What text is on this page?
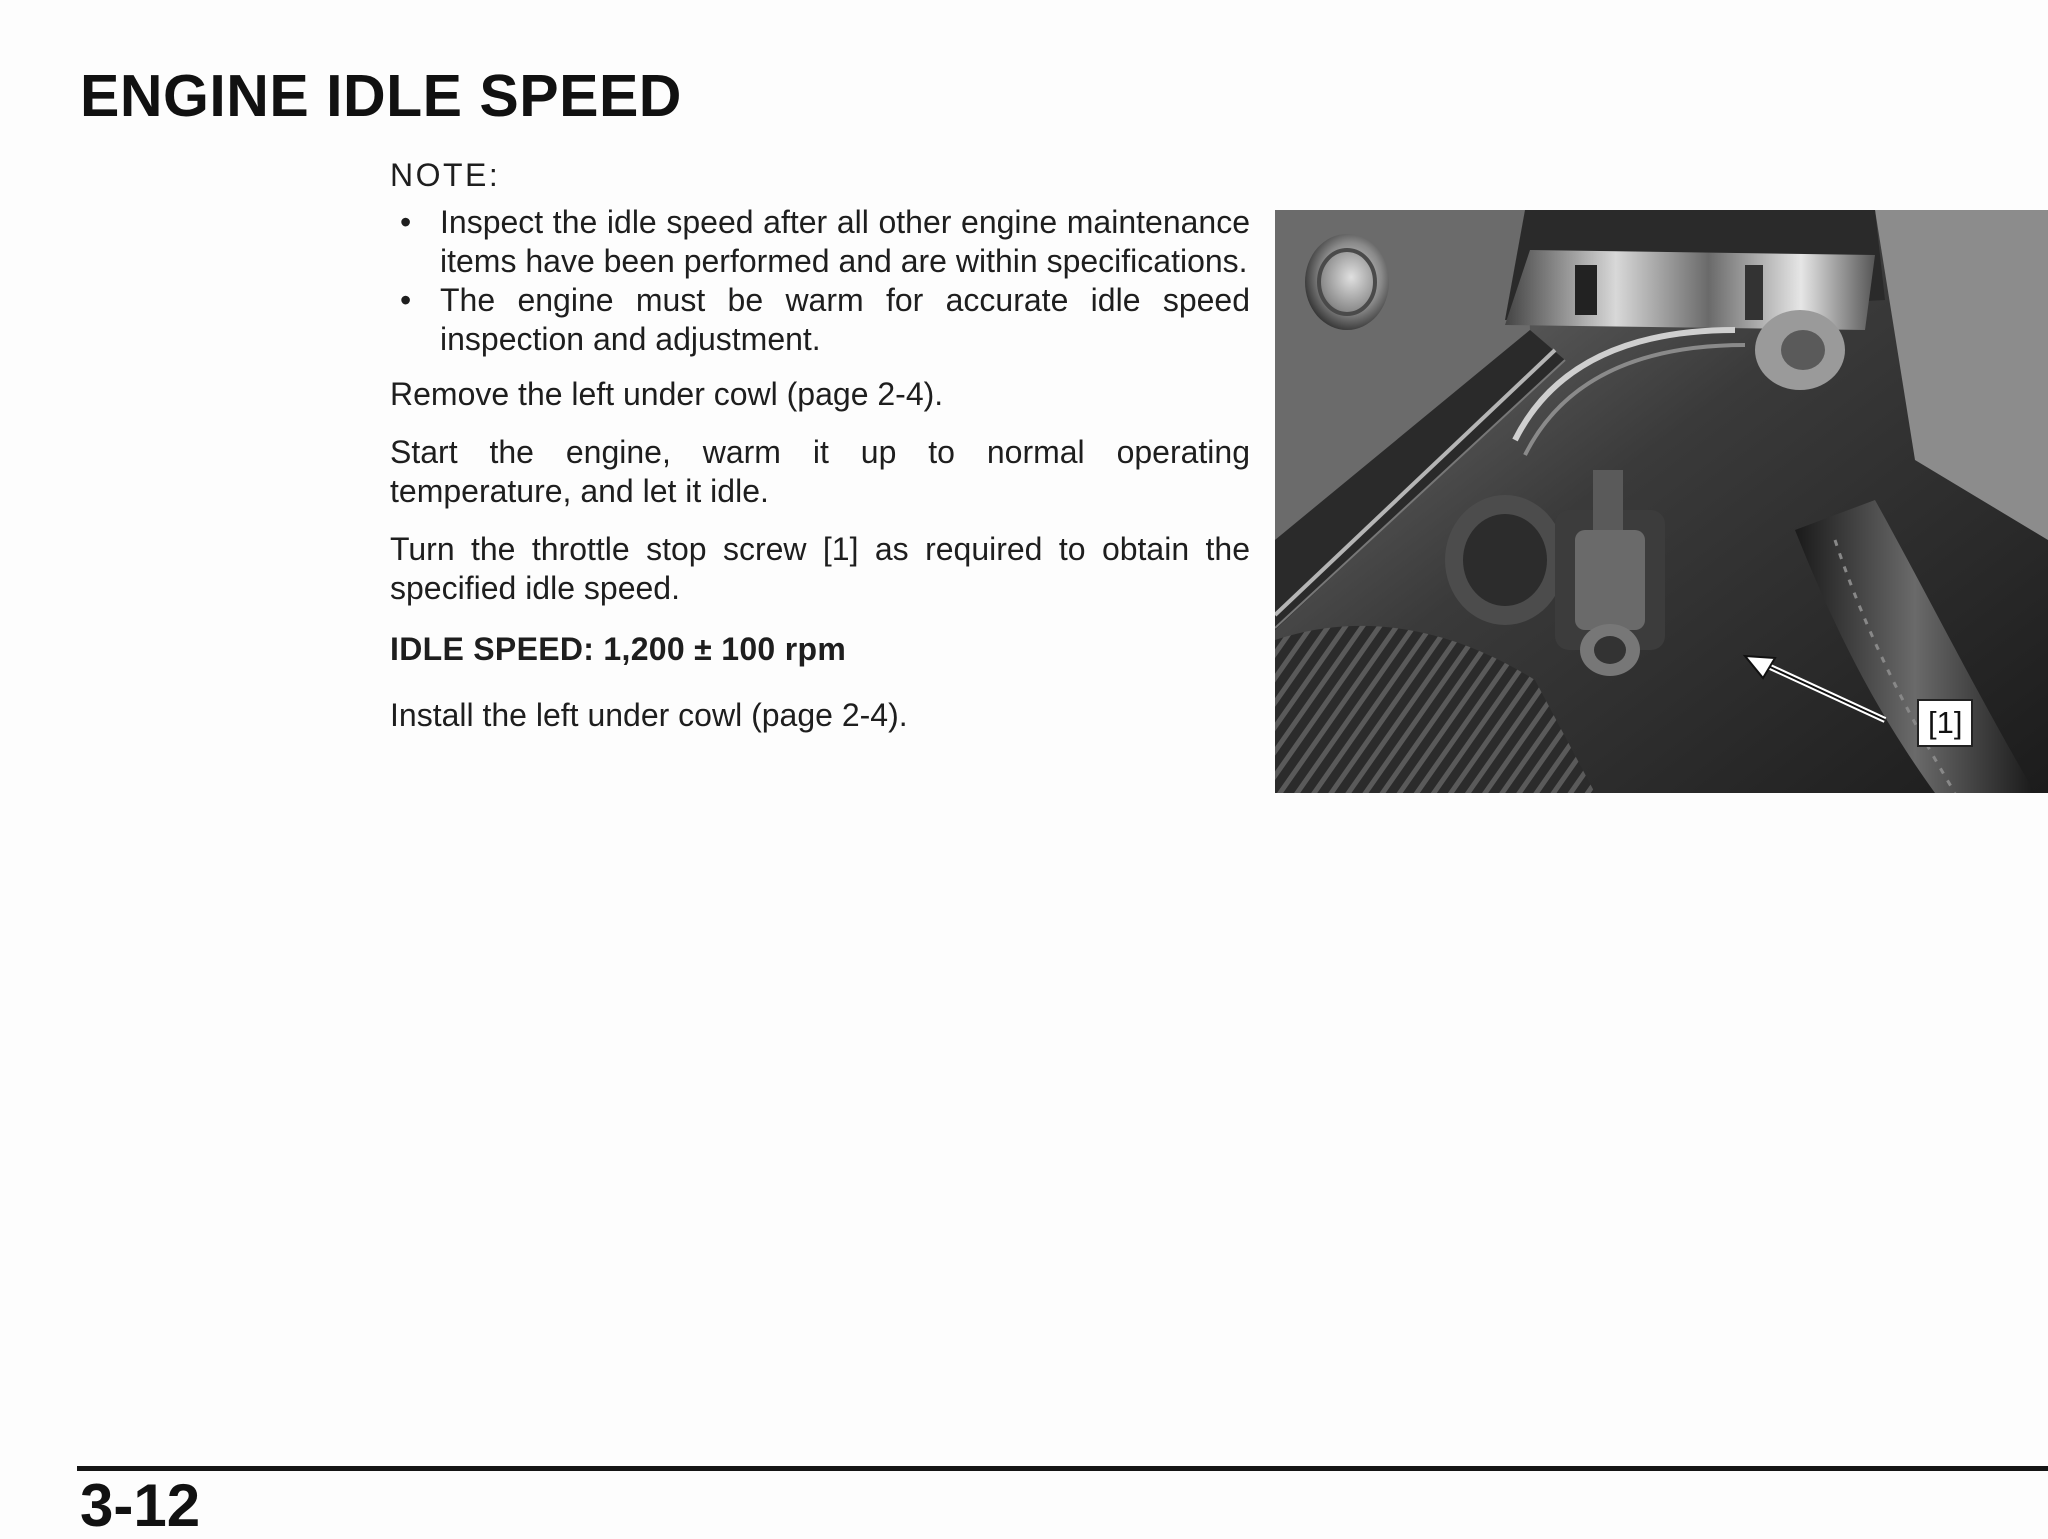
ENGINE IDLE SPEED
NOTE:
• Inspect the idle speed after all other engine maintenance items have been performed and are within specifications.
• The engine must be warm for accurate idle speed inspection and adjustment.

Remove the left under cowl (page 2-4).

Start the engine, warm it up to normal operating temperature, and let it idle.

Turn the throttle stop screw [1] as required to obtain the specified idle speed.

IDLE SPEED: 1,200 ± 100 rpm

Install the left under cowl (page 2-4).	[1]
3-12
